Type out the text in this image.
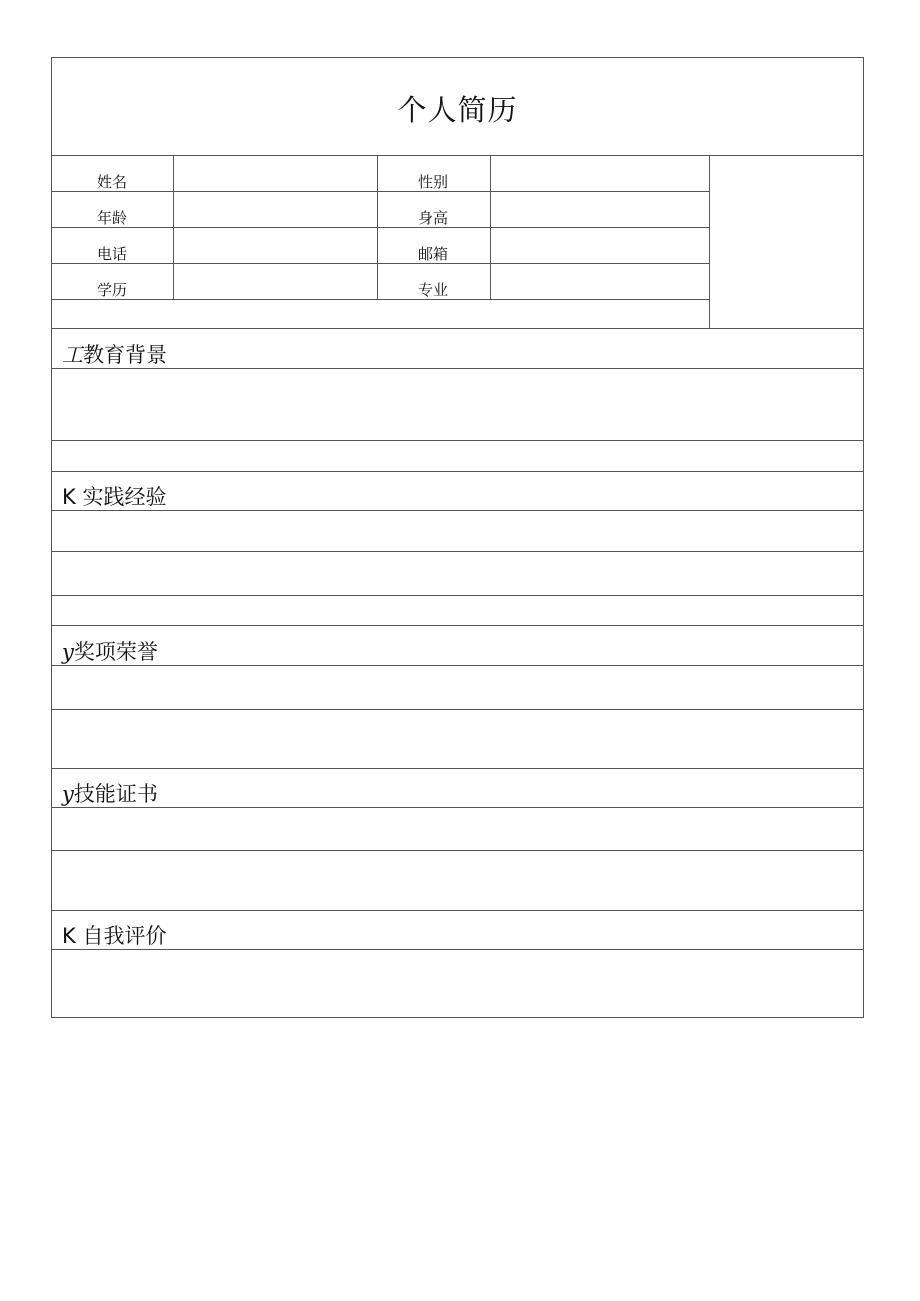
个人简历
姓名	性别
年龄	身高
电话	邮箱
学历	专业
工教育背景
K 实践经验
y奖项荣誉
y技能证书
K 自我评价
